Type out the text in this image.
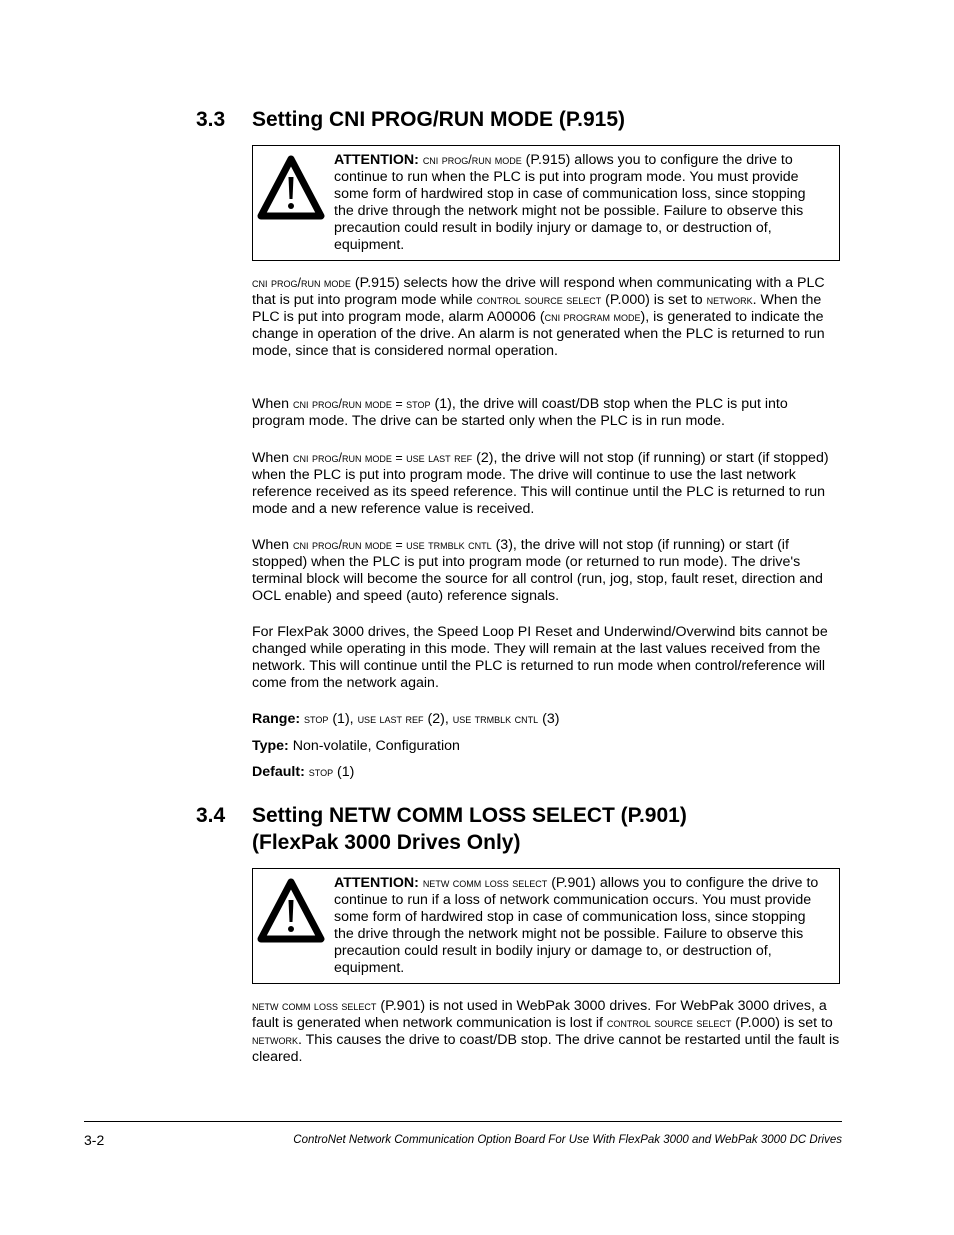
3.3 Setting CNI PROG/RUN MODE (P.915)

ATTENTION: cni prog/run mode (P.915) allows you to configure the drive to continue to run when the PLC is put into program mode. You must provide some form of hardwired stop in case of communication loss, since stopping the drive through the network might not be possible. Failure to observe this precaution could result in bodily injury or damage to, or destruction of, equipment.

cni prog/run mode (P.915) selects how the drive will respond when communicating with a PLC that is put into program mode while control source select (P.000) is set to network. When the PLC is put into program mode, alarm A00006 (cni program mode), is generated to indicate the change in operation of the drive. An alarm is not generated when the PLC is returned to run mode, since that is considered normal operation.

When cni prog/run mode = stop (1), the drive will coast/DB stop when the PLC is put into program mode. The drive can be started only when the PLC is in run mode.

When cni prog/run mode = use last ref (2), the drive will not stop (if running) or start (if stopped) when the PLC is put into program mode. The drive will continue to use the last network reference received as its speed reference. This will continue until the PLC is returned to run mode and a new reference value is received.

When cni prog/run mode = use trmblk cntl (3), the drive will not stop (if running) or start (if stopped) when the PLC is put into program mode (or returned to run mode). The drive's terminal block will become the source for all control (run, jog, stop, fault reset, direction and OCL enable) and speed (auto) reference signals.

For FlexPak 3000 drives, the Speed Loop PI Reset and Underwind/Overwind bits cannot be changed while operating in this mode. They will remain at the last values received from the network. This will continue until the PLC is returned to run mode when control/reference will come from the network again.

Range: stop (1), use last ref (2), use trmblk cntl (3)

Type: Non-volatile, Configuration

Default: stop (1)

3.4 Setting NETW COMM LOSS SELECT (P.901)
(FlexPak 3000 Drives Only)

ATTENTION: netw comm loss select (P.901) allows you to configure the drive to continue to run if a loss of network communication occurs. You must provide some form of hardwired stop in case of communication loss, since stopping the drive through the network might not be possible. Failure to observe this precaution could result in bodily injury or damage to, or destruction of, equipment.

netw comm loss select (P.901) is not used in WebPak 3000 drives. For WebPak 3000 drives, a fault is generated when network communication is lost if control source select (P.000) is set to network. This causes the drive to coast/DB stop. The drive cannot be restarted until the fault is cleared.

3-2	ControNet Network Communication Option Board For Use With FlexPak 3000 and WebPak 3000 DC Drives
